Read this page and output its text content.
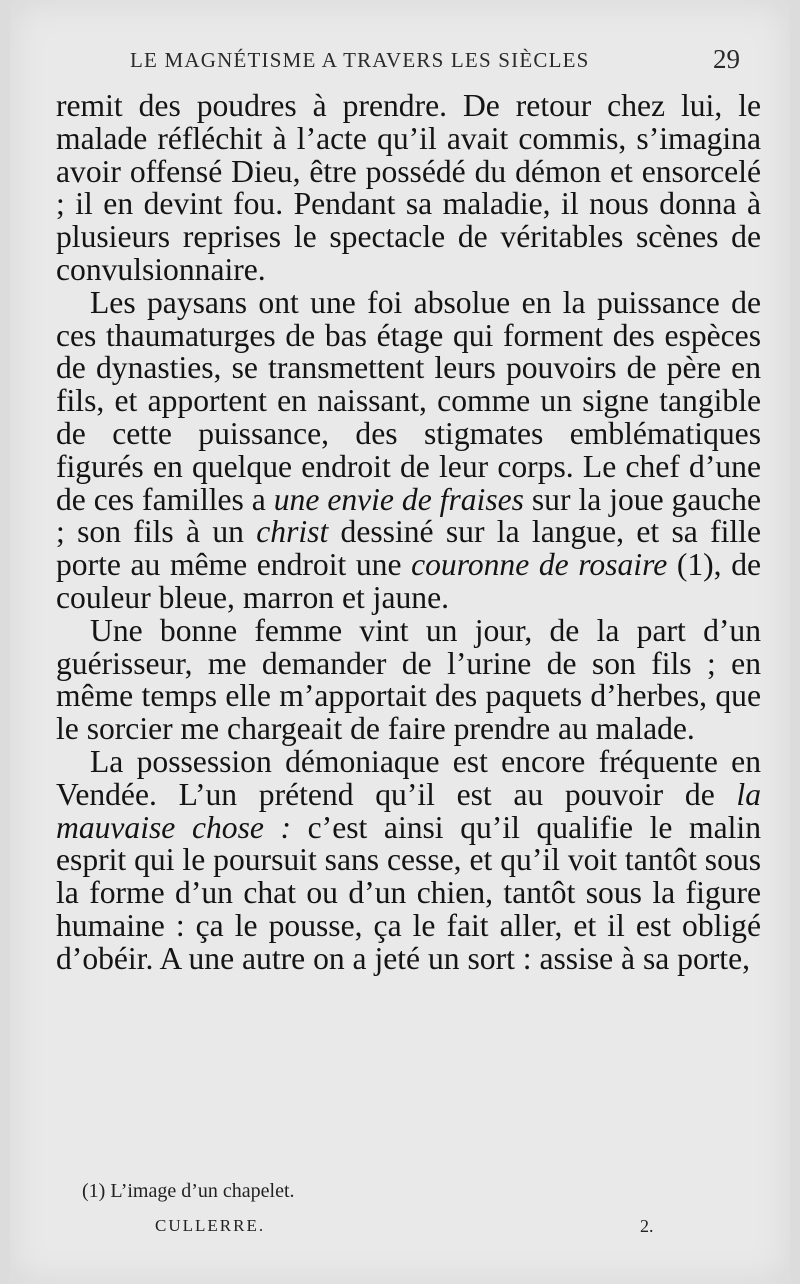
LE MAGNÉTISME A TRAVERS LES SIÈCLES	29

remit des poudres à prendre. De retour chez lui, le malade réfléchit à l’acte qu’il avait commis, s’imagina avoir offensé Dieu, être possédé du démon et ensorcelé ; il en devint fou. Pendant sa maladie, il nous donna à plusieurs reprises le spectacle de véritables scènes de convulsionnaire.

Les paysans ont une foi absolue en la puissance de ces thaumaturges de bas étage qui forment des espèces de dynasties, se transmettent leurs pouvoirs de père en fils, et apportent en naissant, comme un signe tangible de cette puissance, des stigmates emblématiques figurés en quelque endroit de leur corps. Le chef d’une de ces familles a une envie de fraises sur la joue gauche ; son fils à un christ dessiné sur la langue, et sa fille porte au même endroit une couronne de rosaire (1), de couleur bleue, marron et jaune.

Une bonne femme vint un jour, de la part d’un guérisseur, me demander de l’urine de son fils ; en même temps elle m’apportait des paquets d’herbes, que le sorcier me chargeait de faire prendre au malade.

La possession démoniaque est encore fréquente en Vendée. L’un prétend qu’il est au pouvoir de la mauvaise chose : c’est ainsi qu’il qualifie le malin esprit qui le poursuit sans cesse, et qu’il voit tantôt sous la forme d’un chat ou d’un chien, tantôt sous la figure humaine : ça le pousse, ça le fait aller, et il est obligé d’obéir. A une autre on a jeté un sort : assise à sa porte,

(1) L’image d’un chapelet.
CULLERRE.	2.
